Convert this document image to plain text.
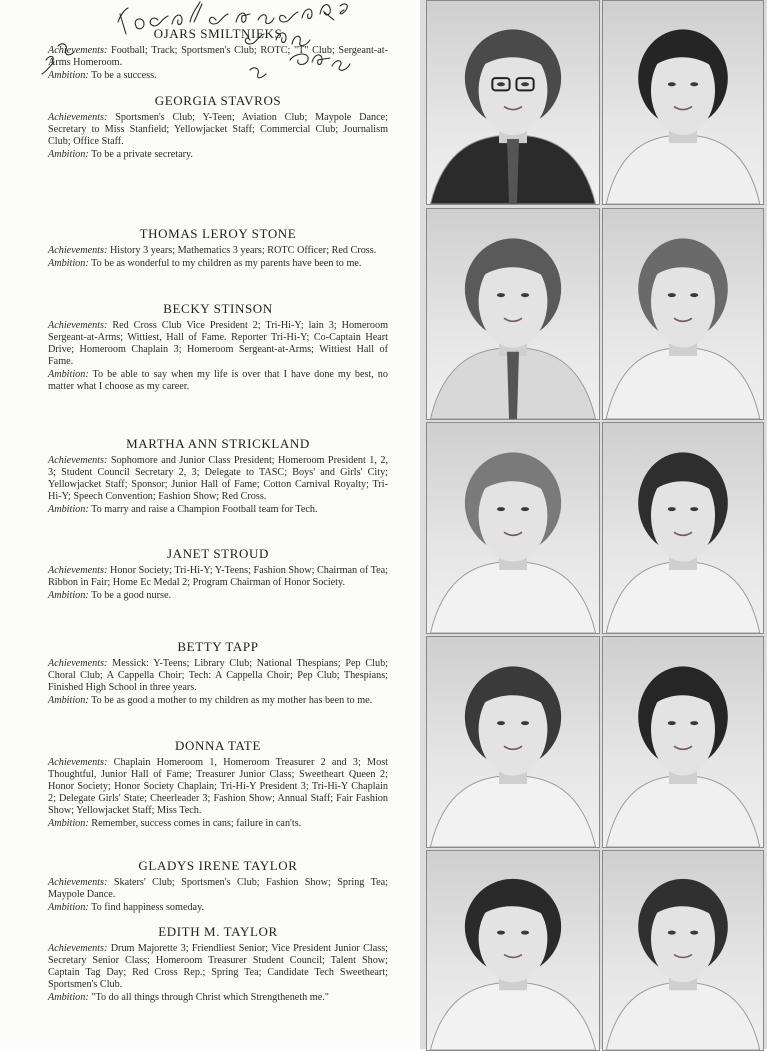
OJARS SMILTNIEKS

Achievements: Football; Track; Sportsmen's Club; ROTC; "T" Club; Sergeant-at-Arms Homeroom.

Ambition: To be a success.

GEORGIA STAVROS

Achievements: Sportsmen's Club; Y-Teen; Aviation Club; Maypole Dance; Secretary to Miss Stanfield; Yellowjacket Staff; Commercial Club; Journalism Club; Office Staff.

Ambition: To be a private secretary.

THOMAS LEROY STONE

Achievements: History 3 years; Mathematics 3 years; ROTC Officer; Red Cross.

Ambition: To be as wonderful to my children as my parents have been to me.

BECKY STINSON

Achievements: Red Cross Club Vice President 2; Tri-Hi-Y; lain 3; Homeroom Sergeant-at-Arms; Wittiest, Hall of Fame. Reporter Tri-Hi-Y; Co-Captain Heart Drive; Homeroom Chaplain 3; Homeroom Sergeant-at-Arms; Wittiest Hall of Fame.

Ambition: To be able to say when my life is over that I have done my best, no matter what I choose as my career.

MARTHA ANN STRICKLAND

Achievements: Sophomore and Junior Class President; Homeroom President 1, 2, 3; Student Council Secretary 2, 3; Delegate to TASC; Boys' and Girls' City; Yellowjacket Staff; Sponsor; Junior Hall of Fame; Cotton Carnival Royalty; Tri-Hi-Y; Speech Convention; Fashion Show; Red Cross.

Ambition: To marry and raise a Champion Football team for Tech.

JANET STROUD

Achievements: Honor Society; Tri-Hi-Y; Y-Teens; Fashion Show; Chairman of Tea; Ribbon in Fair; Home Ec Medal 2; Program Chairman of Honor Society.

Ambition: To be a good nurse.

BETTY TAPP

Achievements: Messick: Y-Teens; Library Club; National Thespians; Pep Club; Choral Club; A Cappella Choir; Tech: A Cappella Choir; Pep Club; Thespians; Finished High School in three years.

Ambition: To be as good a mother to my children as my mother has been to me.

DONNA TATE

Achievements: Chaplain Homeroom 1, Homeroom Treasurer 2 and 3; Most Thoughtful, Junior Hall of Fame; Treasurer Junior Class; Sweetheart Queen 2; Honor Society; Honor Society Chaplain; Tri-Hi-Y President 3; Tri-Hi-Y Chaplain 2; Delegate Girls' State; Cheerleader 3; Fashion Show; Annual Staff; Fair Fashion Show; Yellowjacket Staff; Miss Tech.

Ambition: Remember, success comes in cans; failure in can'ts.

GLADYS IRENE TAYLOR

Achievements: Skaters' Club; Sportsmen's Club; Fashion Show; Spring Tea; Maypole Dance.

Ambition: To find happiness someday.

EDITH M. TAYLOR

Achievements: Drum Majorette 3; Friendliest Senior; Vice President Junior Class; Secretary Senior Class; Homeroom Treasurer Student Council; Talent Show; Captain Tag Day; Red Cross Rep.; Spring Tea; Candidate Tech Sweetheart; Sportsmen's Club.

Ambition: "To do all things through Christ which Strengtheneth me."

31
